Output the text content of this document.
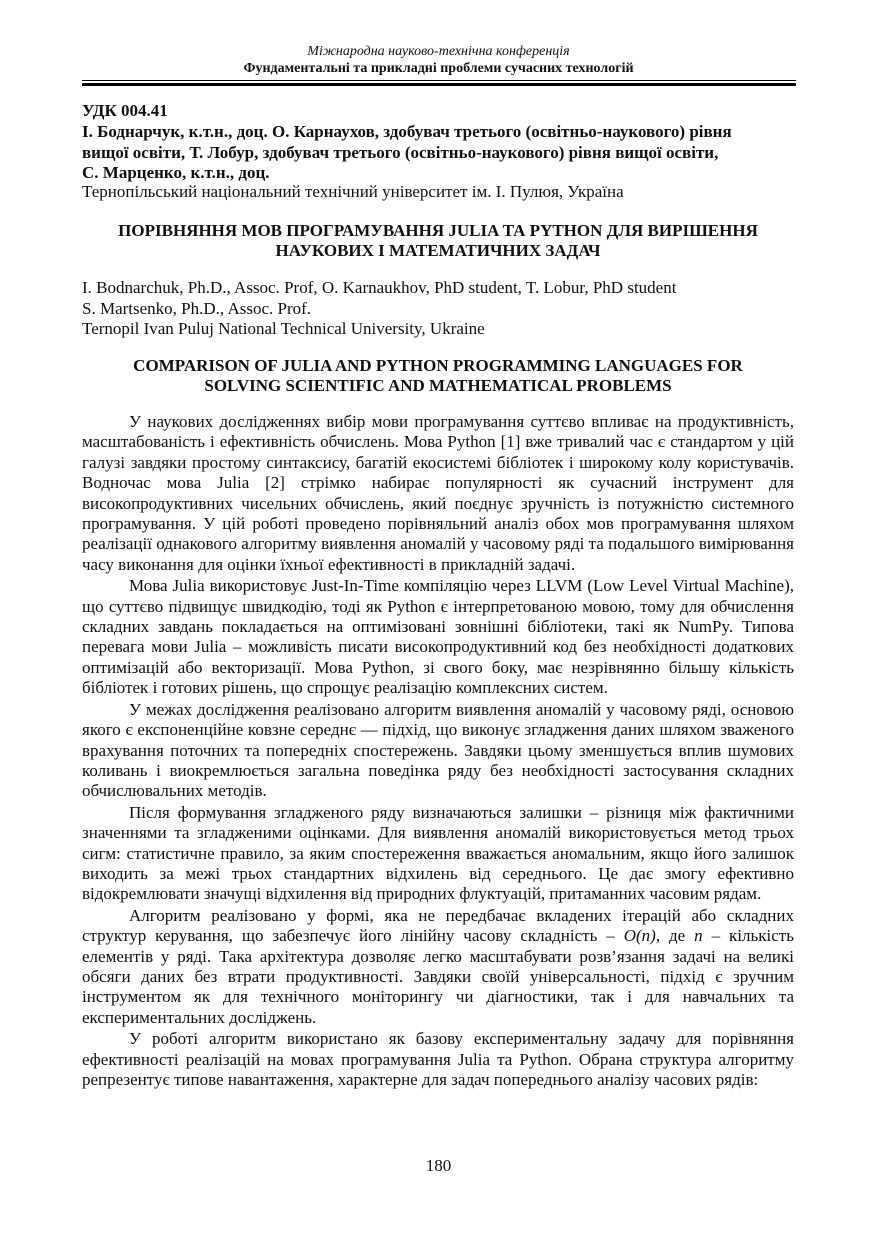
Міжнародна науково-технічна конференція
Фундаментальні та прикладні проблеми сучасних технологій
УДК 004.41
І. Боднарчук, к.т.н., доц. О. Карнаухов, здобувач третього (освітньо-наукового) рівня
вищої освіти, Т. Лобур, здобувач третього (освітньо-наукового) рівня вищої освіти,
С. Марценко, к.т.н., доц.
Тернопільський національний технічний університет ім. І. Пулюя, Україна
ПОРІВНЯННЯ МОВ ПРОГРАМУВАННЯ JULIA ТА PYTHON ДЛЯ ВИРІШЕННЯ
НАУКОВИХ І МАТЕМАТИЧНИХ ЗАДАЧ
I. Bodnarchuk, Ph.D., Assoc. Prof, O. Karnaukhov, PhD student, T. Lobur, PhD student
S. Martsenko, Ph.D., Assoc. Prof.
Ternopil Ivan Puluj National Technical University, Ukraine
COMPARISON OF JULIA AND PYTHON PROGRAMMING LANGUAGES FOR
SOLVING SCIENTIFIC AND MATHEMATICAL PROBLEMS

У наукових дослідженнях вибір мови програмування суттєво впливає на продуктивність, масштабованість і ефективність обчислень. Мова Python [1] вже тривалий час є стандартом у цій галузі завдяки простому синтаксису, багатій екосистемі бібліотек і широкому колу користувачів. Водночас мова Julia [2] стрімко набирає популярності як сучасний інструмент для високопродуктивних чисельних обчислень, який поєднує зручність із потужністю системного програмування. У цій роботі проведено порівняльний аналіз обох мов програмування шляхом реалізації однакового алгоритму виявлення аномалій у часовому ряді та подальшого вимірювання часу виконання для оцінки їхньої ефективності в прикладній задачі.

Мова Julia використовує Just-In-Time компіляцію через LLVM (Low Level Virtual Machine), що суттєво підвищує швидкодію, тоді як Python є інтерпретованою мовою, тому для обчислення складних завдань покладається на оптимізовані зовнішні бібліотеки, такі як NumPy. Типова перевага мови Julia – можливість писати високопродуктивний код без необхідності додаткових оптимізацій або векторизації. Мова Python, зі свого боку, має незрівнянно більшу кількість бібліотек і готових рішень, що спрощує реалізацію комплексних систем.

У межах дослідження реалізовано алгоритм виявлення аномалій у часовому ряді, основою якого є експоненційне ковзне середнє — підхід, що виконує згладження даних шляхом зваженого врахування поточних та попередніх спостережень. Завдяки цьому зменшується вплив шумових коливань і виокремлюється загальна поведінка ряду без необхідності застосування складних обчислювальних методів.

Після формування згладженого ряду визначаються залишки – різниця між фактичними значеннями та згладженими оцінками. Для виявлення аномалій використовується метод трьох сигм: статистичне правило, за яким спостереження вважається аномальним, якщо його залишок виходить за межі трьох стандартних відхилень від середнього. Це дає змогу ефективно відокремлювати значущі відхилення від природних флуктуацій, притаманних часовим рядам.

Алгоритм реалізовано у формі, яка не передбачає вкладених ітерацій або складних структур керування, що забезпечує його лінійну часову складність – O(n), де n – кількість елементів у ряді. Така архітектура дозволяє легко масштабувати розв’язання задачі на великі обсяги даних без втрати продуктивності. Завдяки своїй універсальності, підхід є зручним інструментом як для технічного моніторингу чи діагностики, так і для навчальних та експериментальних досліджень.

У роботі алгоритм використано як базову експериментальну задачу для порівняння ефективності реалізацій на мовах програмування Julia та Python. Обрана структура алгоритму репрезентує типове навантаження, характерне для задач попереднього аналізу часових рядів:

180
